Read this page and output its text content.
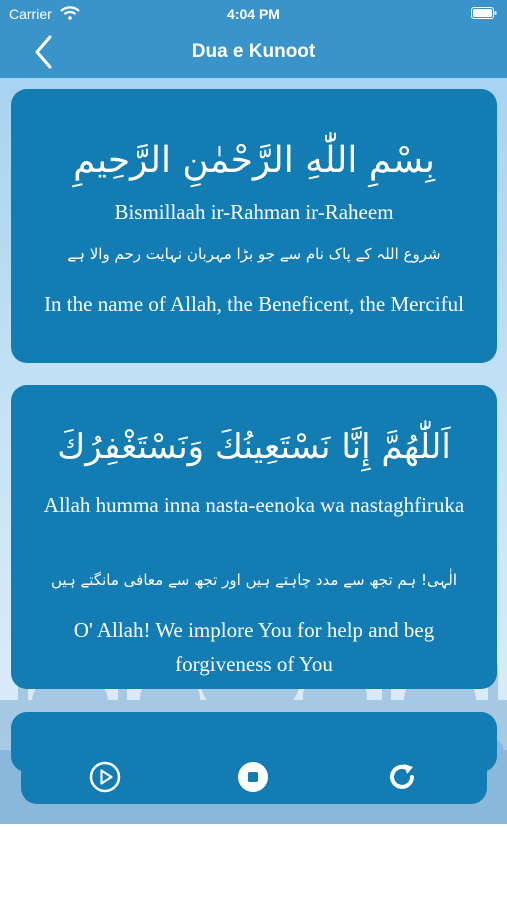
Carrier	4:04 PM
Dua e Kunoot
بِسْمِ اللّٰهِ الرَّحْمٰنِ الرَّحِيمِ
Bismillaah ir-Rahman ir-Raheem
شروع اللہ کے پاک نام سے جو بڑا مہربان نہایت رحم والا ہے
In the name of Allah, the Beneficent, the Merciful
اَللّٰهُمَّ إِنَّا نَسْتَعِينُكَ وَنَسْتَغْفِرُكَ
Allah humma inna nasta-eenoka wa nastaghfiruka
الٰہی! ہم تجھ سے مدد چاہتے ہیں اور تجھ سے معافی مانگتے ہیں
O' Allah! We implore You for help and beg forgiveness of You
